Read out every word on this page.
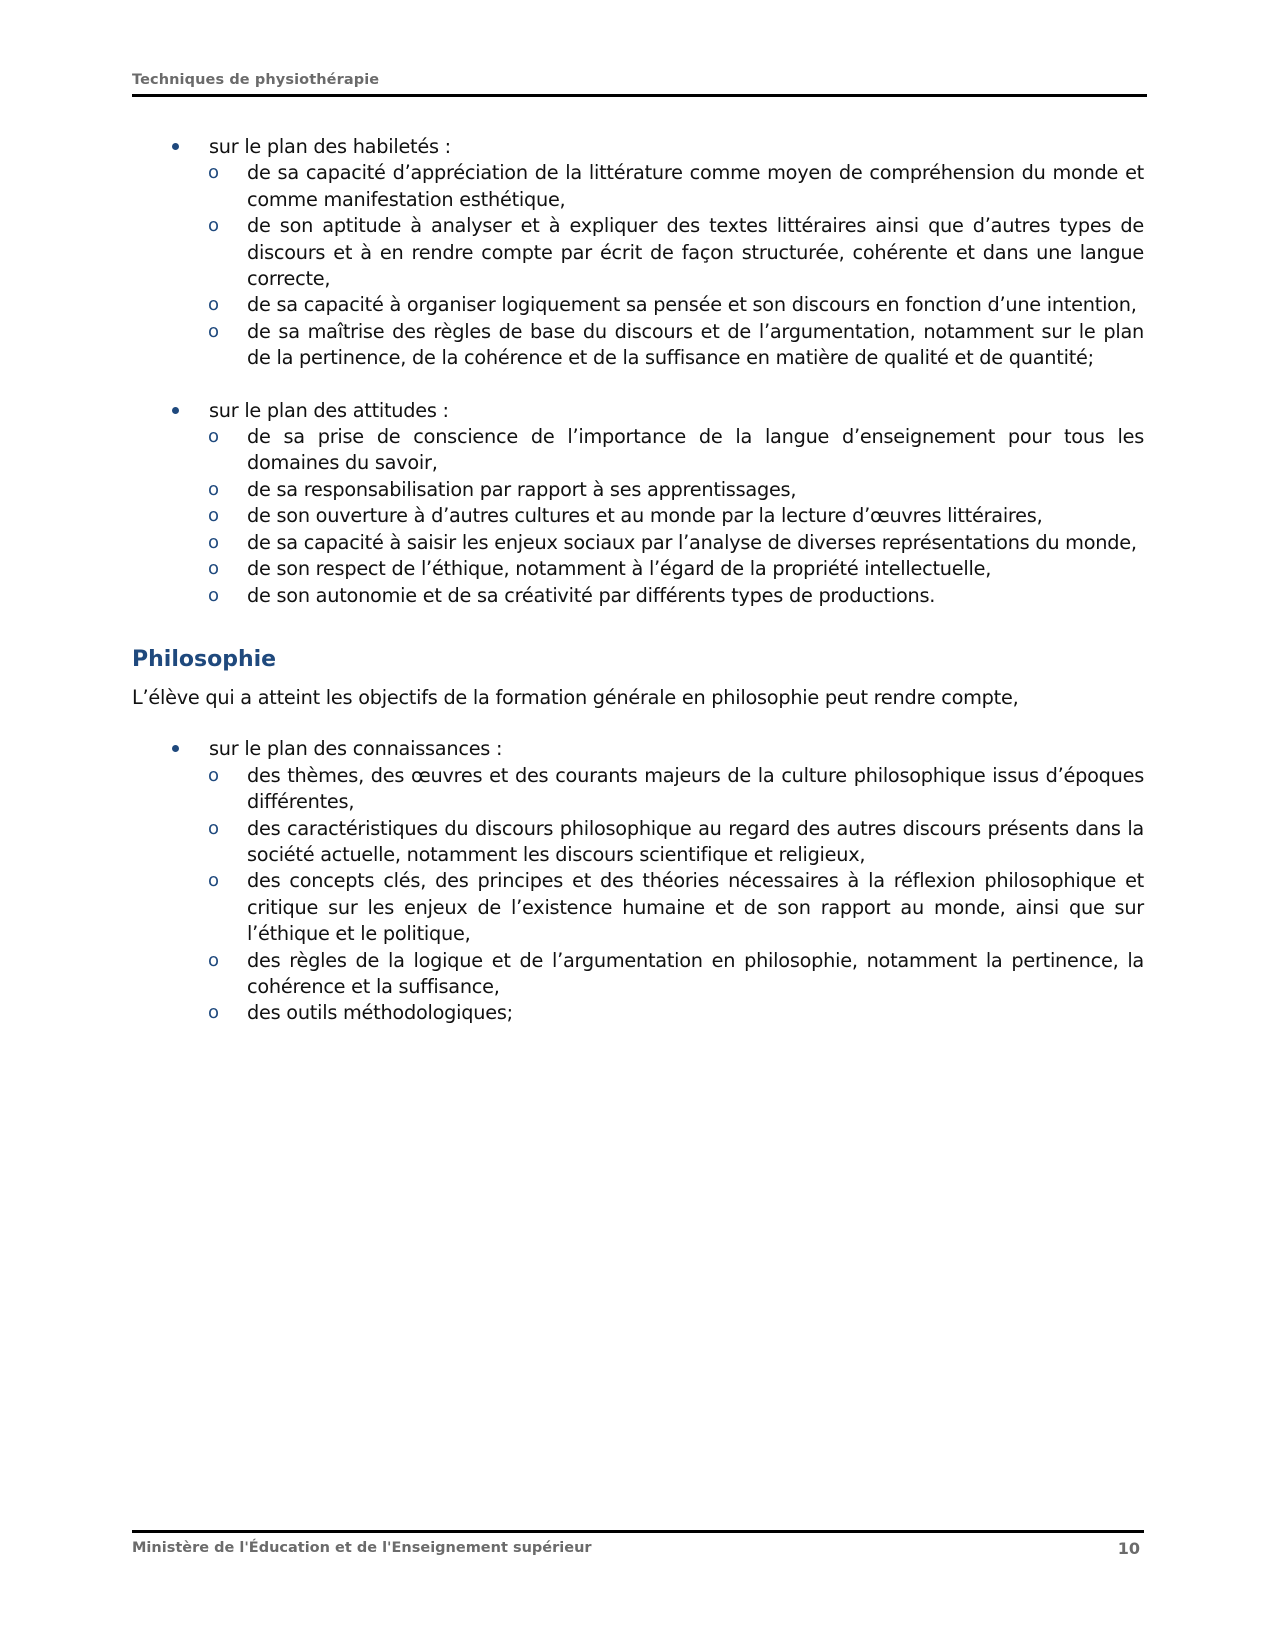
Techniques de physiothérapie
sur le plan des habiletés :
o de sa capacité d’appréciation de la littérature comme moyen de compréhension du monde et comme manifestation esthétique,
o de son aptitude à analyser et à expliquer des textes littéraires ainsi que d’autres types de discours et à en rendre compte par écrit de façon structurée, cohérente et dans une langue correcte,
o de sa capacité à organiser logiquement sa pensée et son discours en fonction d’une intention,
o de sa maîtrise des règles de base du discours et de l’argumentation, notamment sur le plan de la pertinence, de la cohérence et de la suffisance en matière de qualité et de quantité;
sur le plan des attitudes :
o de sa prise de conscience de l’importance de la langue d’enseignement pour tous les domaines du savoir,
o de sa responsabilisation par rapport à ses apprentissages,
o de son ouverture à d’autres cultures et au monde par la lecture d’œuvres littéraires,
o de sa capacité à saisir les enjeux sociaux par l’analyse de diverses représentations du monde,
o de son respect de l’éthique, notamment à l’égard de la propriété intellectuelle,
o de son autonomie et de sa créativité par différents types de productions.
Philosophie

L’élève qui a atteint les objectifs de la formation générale en philosophie peut rendre compte,

sur le plan des connaissances :
o des thèmes, des œuvres et des courants majeurs de la culture philosophique issus d’époques différentes,
o des caractéristiques du discours philosophique au regard des autres discours présents dans la société actuelle, notamment les discours scientifique et religieux,
o des concepts clés, des principes et des théories nécessaires à la réflexion philosophique et critique sur les enjeux de l’existence humaine et de son rapport au monde, ainsi que sur l’éthique et le politique,
o des règles de la logique et de l’argumentation en philosophie, notamment la pertinence, la cohérence et la suffisance,
o des outils méthodologiques;
Ministère de l'Éducation et de l'Enseignement supérieur	10
